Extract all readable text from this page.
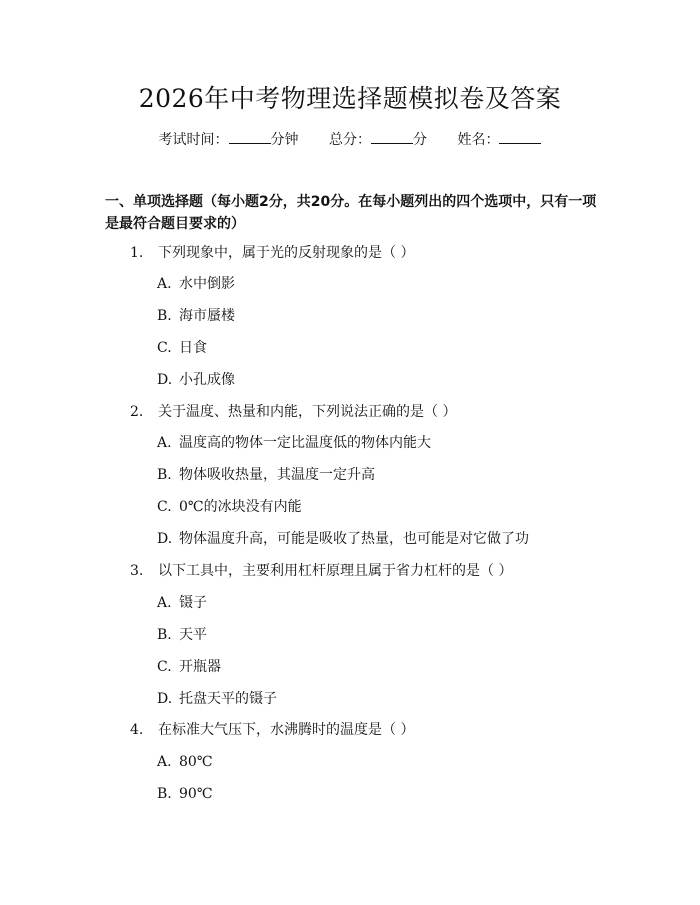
2026年中考物理选择题模拟卷及答案
考试时间：	分钟 总分：	分 姓名：
一、单项选择题（每小题2分，共20分。在每小题列出的四个选项中，只有一项是最符合题目要求的）
1. 下列现象中，属于光的反射现象的是（ ）
A. 水中倒影
B. 海市蜃楼
C. 日食
D. 小孔成像
2. 关于温度、热量和内能，下列说法正确的是（ ）
A. 温度高的物体一定比温度低的物体内能大
B. 物体吸收热量，其温度一定升高
C. 0℃的冰块没有内能
D. 物体温度升高，可能是吸收了热量，也可能是对它做了功
3. 以下工具中，主要利用杠杆原理且属于省力杠杆的是（ ）
A. 镊子
B. 天平
C. 开瓶器
D. 托盘天平的镊子
4. 在标准大气压下，水沸腾时的温度是（ ）
A. 80℃
B. 90℃
